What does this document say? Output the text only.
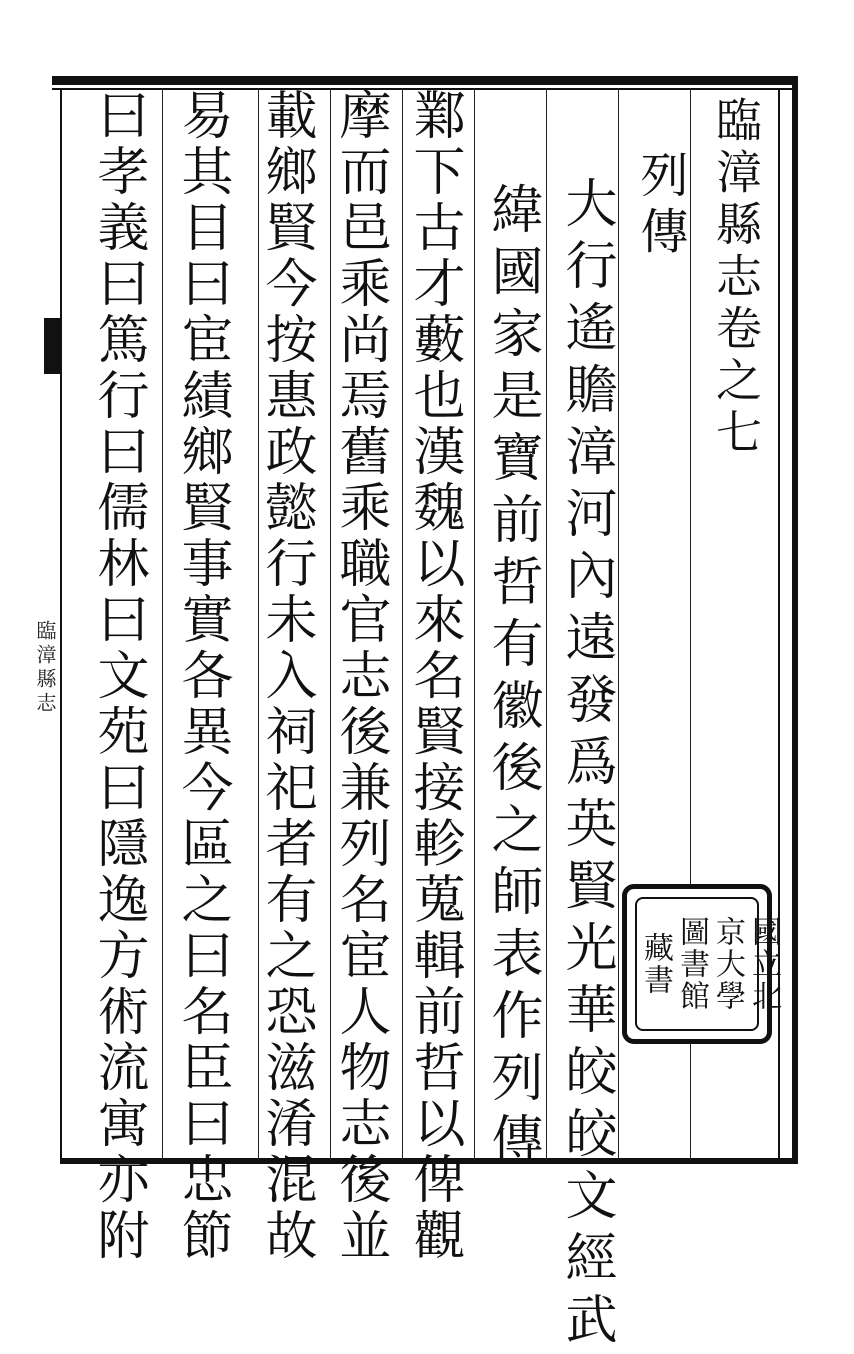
臨漳縣志
臨漳縣志卷之七
列傳
大行遙贍漳河內遠發爲英賢光華皎皎文經武
緯國家是寶前哲有徽後之師表作列傳
鄴下古才藪也漢魏以來名賢接軫蒐輯前哲以俾觀
摩而邑乘尚焉舊乘職官志後兼列名宦人物志後並
載鄉賢今按惠政懿行未入祠祀者有之恐滋淆混故
易其目曰宦績鄉賢事實各異今區之曰名臣曰忠節
曰孝義曰篤行曰儒林曰文苑曰隱逸方術流寓亦附	國立北
京大學
圖書館
藏書
